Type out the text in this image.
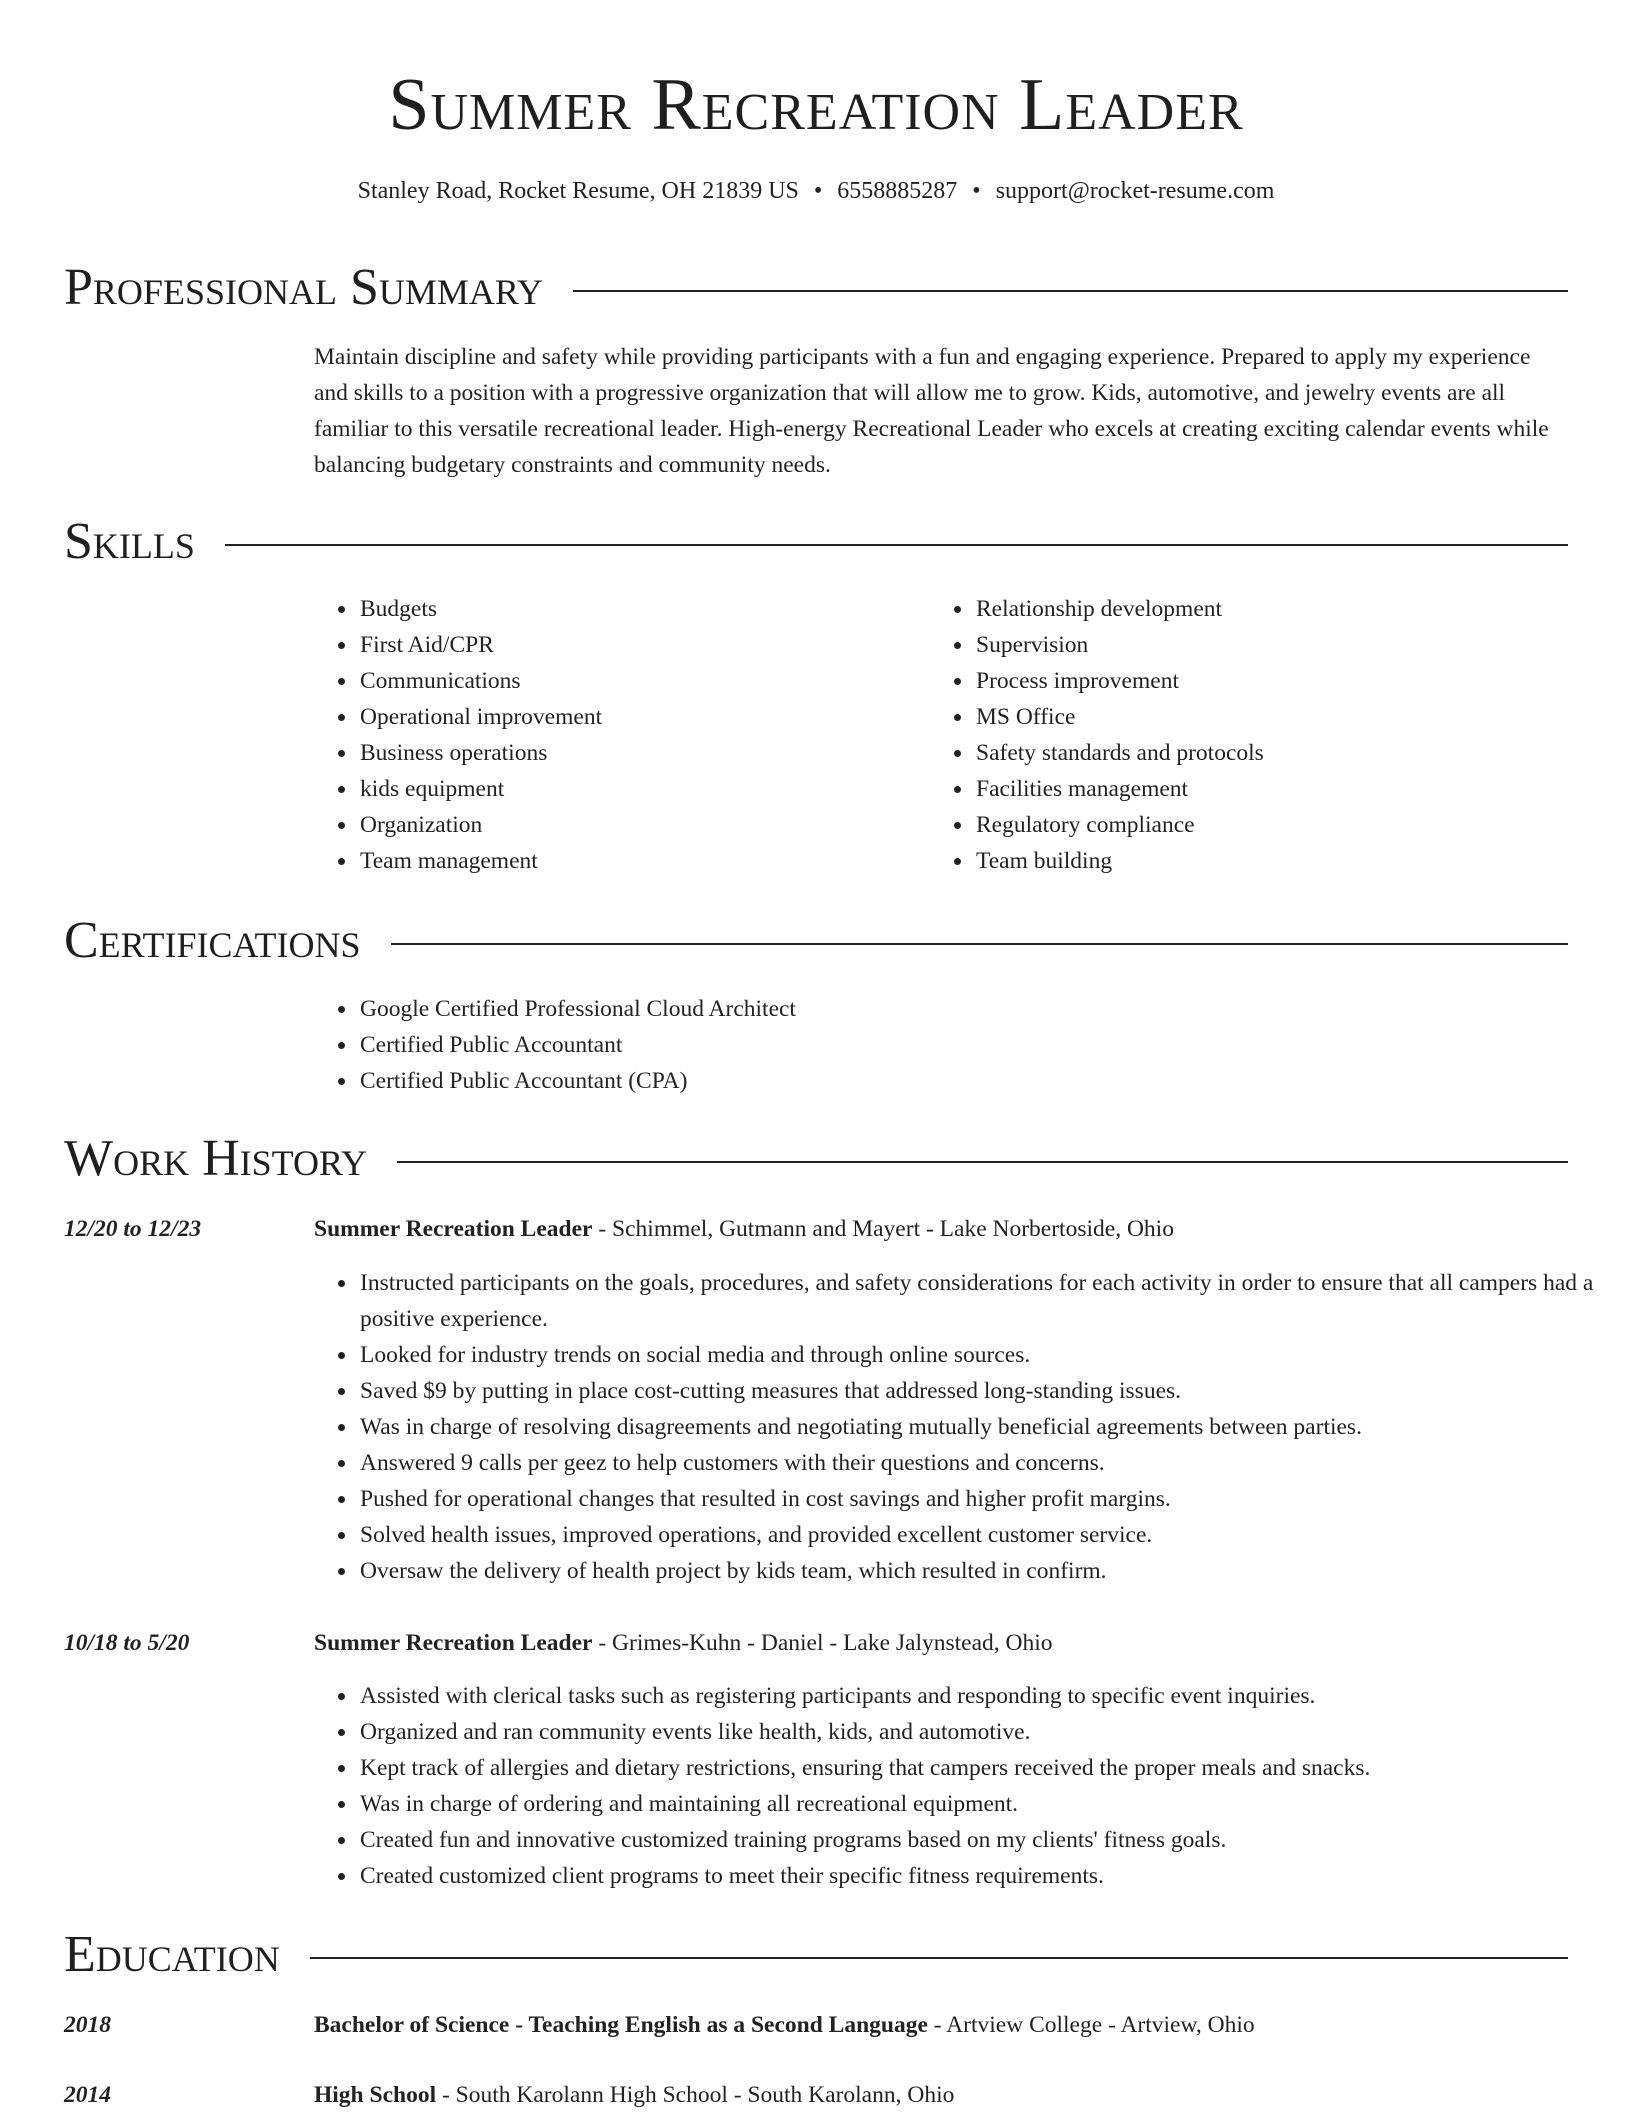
Summer Recreation Leader
Stanley Road, Rocket Resume, OH 21839 US • 6558885287 • support@rocket-resume.com
Professional Summary

Maintain discipline and safety while providing participants with a fun and engaging experience. Prepared to apply my experience and skills to a position with a progressive organization that will allow me to grow. Kids, automotive, and jewelry events are all familiar to this versatile recreational leader. High-energy Recreational Leader who excels at creating exciting calendar events while balancing budgetary constraints and community needs.

Skills
• Budgets
• First Aid/CPR
• Communications
• Operational improvement
• Business operations
• kids equipment
• Organization
• Team management
• Relationship development
• Supervision
• Process improvement
• MS Office
• Safety standards and protocols
• Facilities management
• Regulatory compliance
• Team building
Certifications
• Google Certified Professional Cloud Architect
• Certified Public Accountant
• Certified Public Accountant (CPA)
Work History
12/20 to 12/23	Summer Recreation Leader - Schimmel, Gutmann and Mayert - Lake Norbertoside, Ohio
• Instructed participants on the goals, procedures, and safety considerations for each activity in order to ensure that all campers had a positive experience.
• Looked for industry trends on social media and through online sources.
• Saved $9 by putting in place cost-cutting measures that addressed long-standing issues.
• Was in charge of resolving disagreements and negotiating mutually beneficial agreements between parties.
• Answered 9 calls per geez to help customers with their questions and concerns.
• Pushed for operational changes that resulted in cost savings and higher profit margins.
• Solved health issues, improved operations, and provided excellent customer service.
• Oversaw the delivery of health project by kids team, which resulted in confirm.
10/18 to 5/20	Summer Recreation Leader - Grimes-Kuhn - Daniel - Lake Jalynstead, Ohio
• Assisted with clerical tasks such as registering participants and responding to specific event inquiries.
• Organized and ran community events like health, kids, and automotive.
• Kept track of allergies and dietary restrictions, ensuring that campers received the proper meals and snacks.
• Was in charge of ordering and maintaining all recreational equipment.
• Created fun and innovative customized training programs based on my clients' fitness goals.
• Created customized client programs to meet their specific fitness requirements.
Education
2018	Bachelor of Science - Teaching English as a Second Language - Artview College - Artview, Ohio
2014	High School - South Karolann High School - South Karolann, Ohio
